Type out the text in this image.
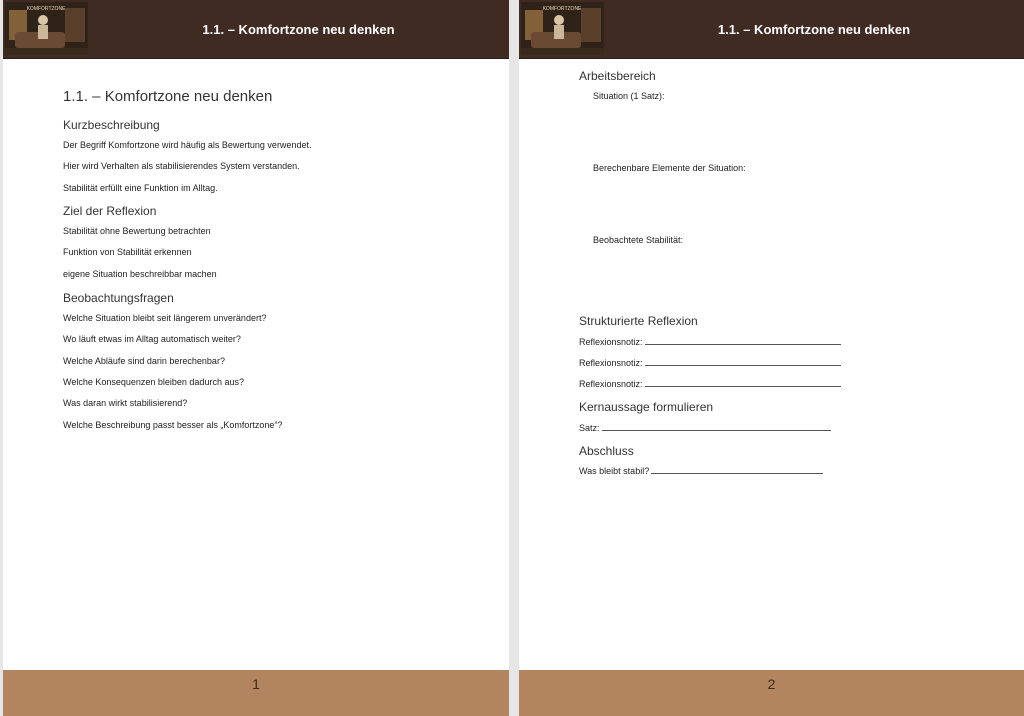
KOMFORTZONE
1.1. – Komfortzone neu denken
1.1. – Komfortzone neu denken
Kurzbeschreibung
Der Begriff Komfortzone wird häufig als Bewertung verwendet.
Hier wird Verhalten als stabilisierendes System verstanden.
Stabilität erfüllt eine Funktion im Alltag.
Ziel der Reflexion
Stabilität ohne Bewertung betrachten
Funktion von Stabilität erkennen
eigene Situation beschreibbar machen
Beobachtungsfragen
Welche Situation bleibt seit längerem unverändert?
Wo läuft etwas im Alltag automatisch weiter?
Welche Abläufe sind darin berechenbar?
Welche Konsequenzen bleiben dadurch aus?
Was daran wirkt stabilisierend?
Welche Beschreibung passt besser als „Komfortzone“?
1
KOMFORTZONE
1.1. – Komfortzone neu denken
Arbeitsbereich
Situation (1 Satz):
Berechenbare Elemente der Situation:
Beobachtete Stabilität:
Strukturierte Reflexion
Reflexionsnotiz:
Reflexionsnotiz:
Reflexionsnotiz:
Kernaussage formulieren
Satz:
Abschluss
Was bleibt stabil?
2
